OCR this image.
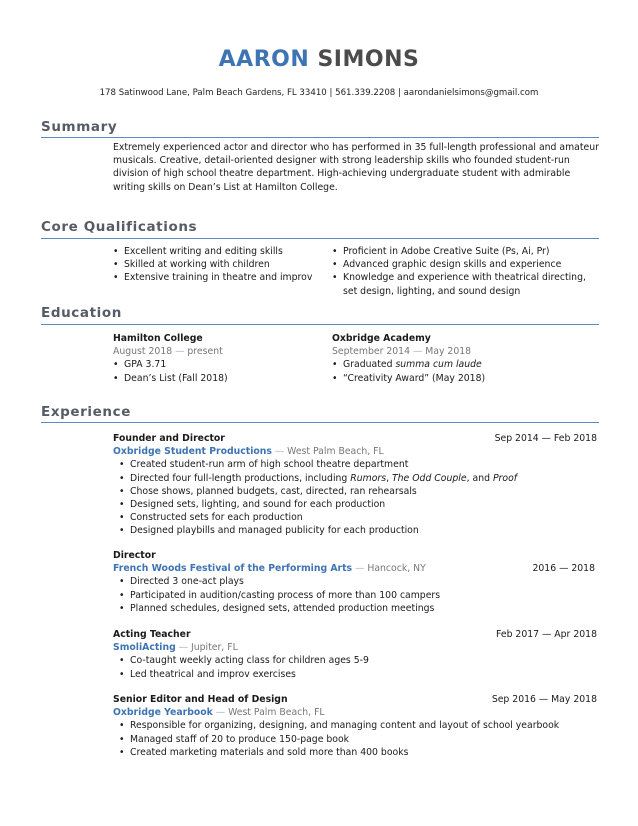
AARON SIMONS
178 Satinwood Lane, Palm Beach Gardens, FL 33410 | 561.339.2208 | aarondanielsimons@gmail.com
Summary
Extremely experienced actor and director who has performed in 35 full-length professional and amateur musicals. Creative, detail-oriented designer with strong leadership skills who founded student-run division of high school theatre department. High-achieving undergraduate student with admirable writing skills on Dean’s List at Hamilton College.
Core Qualifications
• Excellent writing and editing skills
• Skilled at working with children
• Extensive training in theatre and improv
• Proficient in Adobe Creative Suite (Ps, Ai, Pr)
• Advanced graphic design skills and experience
• Knowledge and experience with theatrical directing, set design, lighting, and sound design
Education
Hamilton College
August 2018 — present
• GPA 3.71
• Dean’s List (Fall 2018)
Oxbridge Academy
September 2014 — May 2018
• Graduated summa cum laude
• “Creativity Award” (May 2018)
Experience
Founder and Director	Sep 2014 — Feb 2018
Oxbridge Student Productions — West Palm Beach, FL
• Created student-run arm of high school theatre department
• Directed four full-length productions, including Rumors, The Odd Couple, and Proof
• Chose shows, planned budgets, cast, directed, ran rehearsals
• Designed sets, lighting, and sound for each production
• Constructed sets for each production
• Designed playbills and managed publicity for each production
Director
French Woods Festival of the Performing Arts — Hancock, NY	2016 — 2018
• Directed 3 one-act plays
• Participated in audition/casting process of more than 100 campers
• Planned schedules, designed sets, attended production meetings
Acting Teacher	Feb 2017 — Apr 2018
SmoliActing — Jupiter, FL
• Co-taught weekly acting class for children ages 5-9
• Led theatrical and improv exercises
Senior Editor and Head of Design	Sep 2016 — May 2018
Oxbridge Yearbook — West Palm Beach, FL
• Responsible for organizing, designing, and managing content and layout of school yearbook
• Managed staff of 20 to produce 150-page book
• Created marketing materials and sold more than 400 books
